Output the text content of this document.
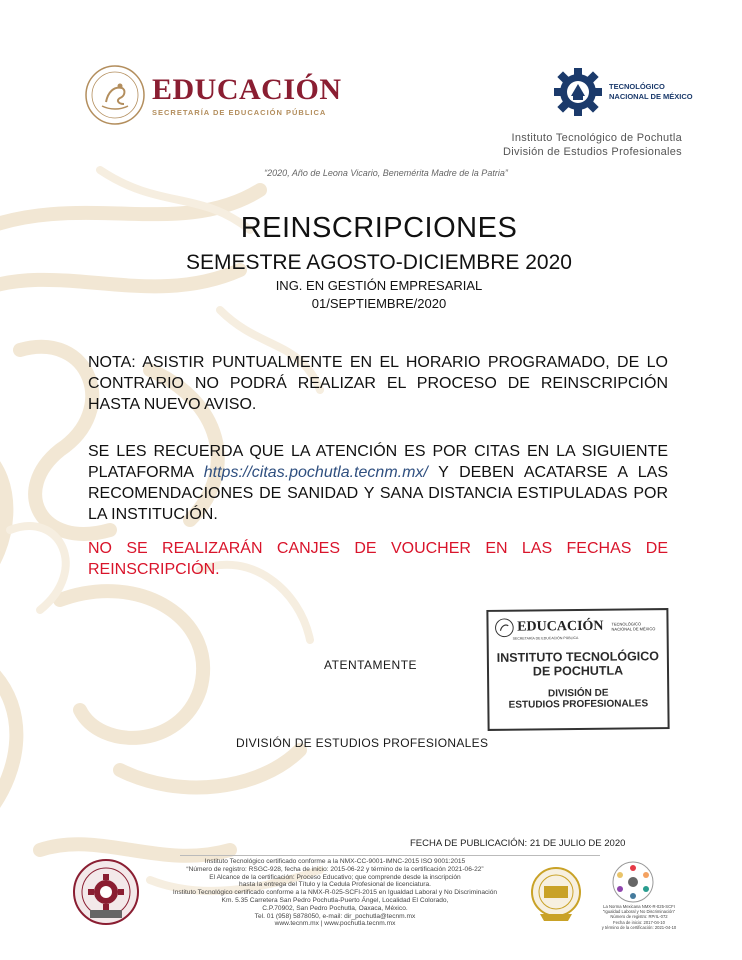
EDUCACIÓN
SECRETARÍA DE EDUCACIÓN PÚBLICA
TECNOLÓGICO
NACIONAL DE MÉXICO
Instituto Tecnológico de Pochutla
División de Estudios Profesionales
“2020, Año de Leona Vicario, Benemérita Madre de la Patria”
REINSCRIPCIONES
SEMESTRE AGOSTO-DICIEMBRE 2020
ING. EN GESTIÓN EMPRESARIAL
01/SEPTIEMBRE/2020

NOTA: ASISTIR PUNTUALMENTE EN EL HORARIO PROGRAMADO, DE LO CONTRARIO NO PODRÁ REALIZAR EL PROCESO DE REINSCRIPCIÓN HASTA NUEVO AVISO.

SE LES RECUERDA QUE LA ATENCIÓN ES POR CITAS EN LA SIGUIENTE PLATAFORMA https://citas.pochutla.tecnm.mx/ Y DEBEN ACATARSE A LAS RECOMENDACIONES DE SANIDAD Y SANA DISTANCIA ESTIPULADAS POR LA INSTITUCIÓN.

NO SE REALIZARÁN CANJES DE VOUCHER EN LAS FECHAS DE REINSCRIPCIÓN.

ATENTAMENTE
DIVISIÓN DE ESTUDIOS PROFESIONALES
EDUCACIÓN TECNOLÓGICO NACIONAL DE MÉXICO
SECRETARÍA DE EDUCACIÓN PÚBLICA
INSTITUTO TECNOLÓGICO
DE POCHUTLA
DIVISIÓN DE
ESTUDIOS PROFESIONALES
FECHA DE PUBLICACIÓN: 21 DE JULIO DE 2020
Instituto Tecnológico certificado conforme a la NMX-CC-9001-IMNC-2015 ISO 9001:2015
“Número de registro: RSGC-928, fecha de inicio: 2015-06-22 y término de la certificación 2021-06-22”
El Alcance de la certificación: Proceso Educativo; que comprende desde la inscripción
hasta la entrega del Título y la Cedula Profesional de licenciatura.
Instituto Tecnológico certificado conforme a la NMX-R-025-SCFI-2015 en Igualdad Laboral y No Discriminación
Km. 5.35 Carretera San Pedro Pochutla-Puerto Ángel, Localidad El Colorado,
C.P.70902, San Pedro Pochutla, Oaxaca, México.
Tel. 01 (958) 5878050, e-mail: dir_pochutla@tecnm.mx
www.tecnm.mx | www.pochutla.tecnm.mx
La Norma Mexicana NMX-R-025-SCFI
“Igualdad Laboral y No Discriminación”
Número de registro: RPrIL-072
Fecha de inicio: 2017-04-10
y término de la certificación: 2021-04-10
